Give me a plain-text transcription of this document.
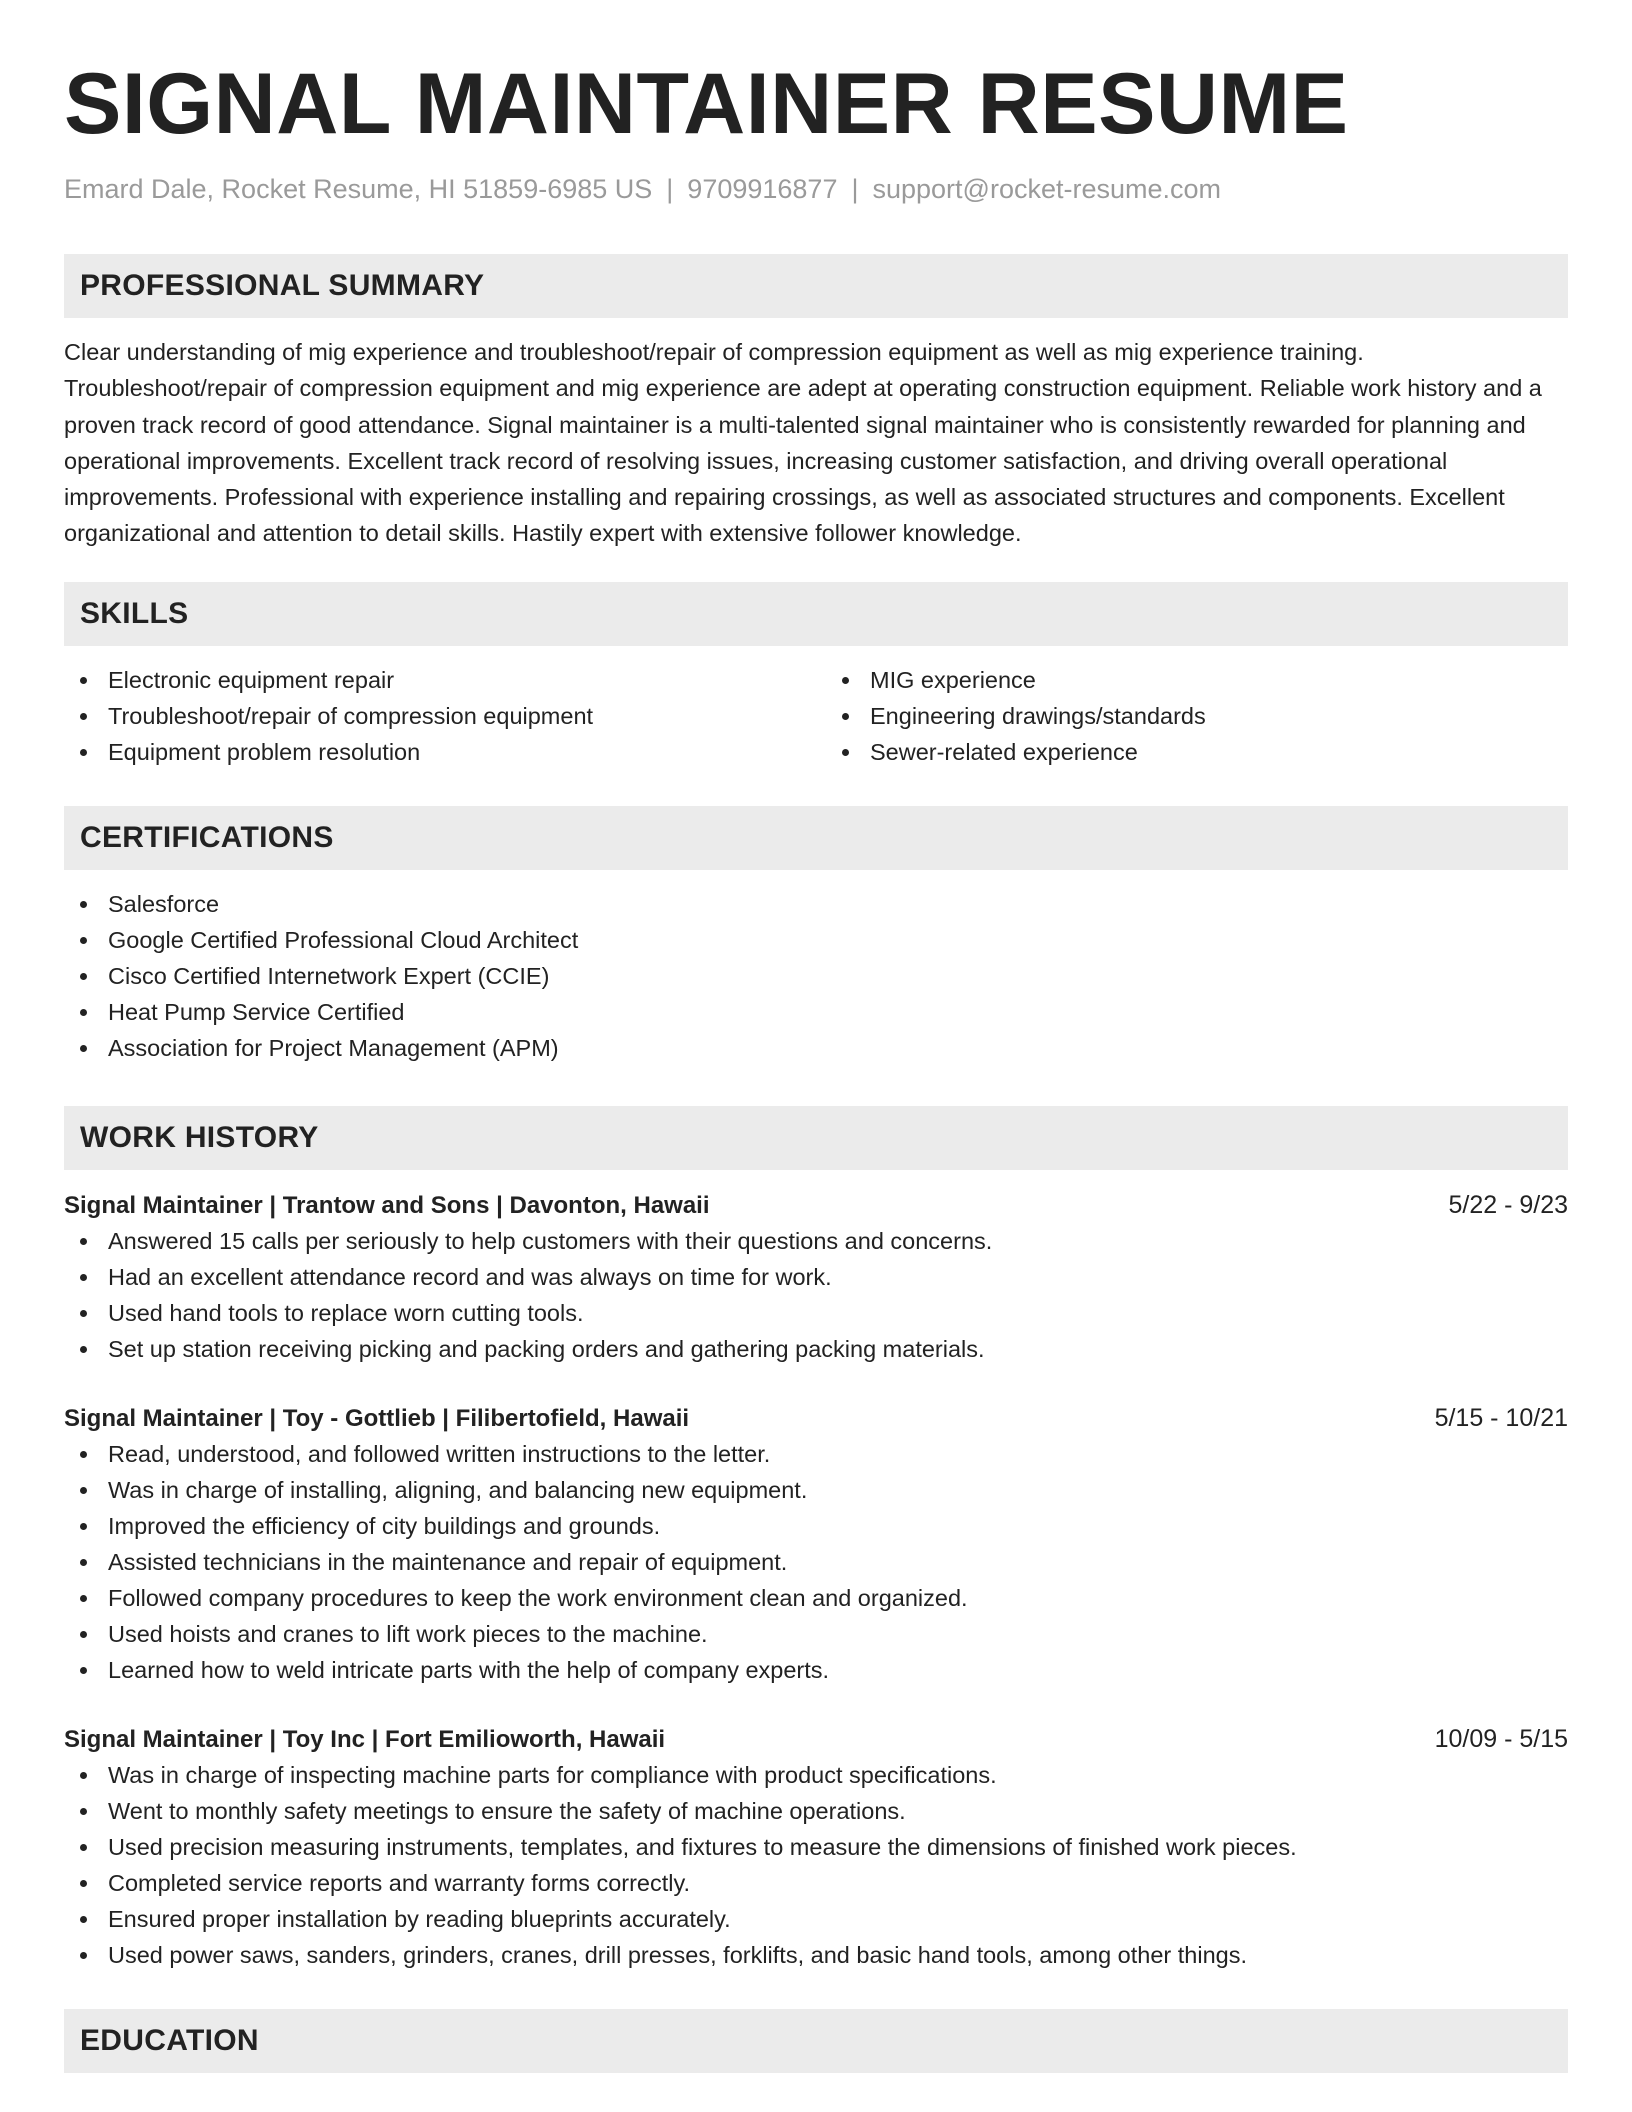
SIGNAL MAINTAINER RESUME
Emard Dale, Rocket Resume, HI 51859-6985 US | 9709916877 | support@rocket-resume.com
PROFESSIONAL SUMMARY

Clear understanding of mig experience and troubleshoot/repair of compression equipment as well as mig experience training. Troubleshoot/repair of compression equipment and mig experience are adept at operating construction equipment. Reliable work history and a proven track record of good attendance. Signal maintainer is a multi-talented signal maintainer who is consistently rewarded for planning and operational improvements. Excellent track record of resolving issues, increasing customer satisfaction, and driving overall operational improvements. Professional with experience installing and repairing crossings, as well as associated structures and components. Excellent organizational and attention to detail skills. Hastily expert with extensive follower knowledge.

SKILLS
Electronic equipment repair
Troubleshoot/repair of compression equipment
Equipment problem resolution
MIG experience
Engineering drawings/standards
Sewer-related experience
CERTIFICATIONS
Salesforce
Google Certified Professional Cloud Architect
Cisco Certified Internetwork Expert (CCIE)
Heat Pump Service Certified
Association for Project Management (APM)
WORK HISTORY
Signal Maintainer | Trantow and Sons | Davonton, Hawaii	5/22 - 9/23
Answered 15 calls per seriously to help customers with their questions and concerns.
Had an excellent attendance record and was always on time for work.
Used hand tools to replace worn cutting tools.
Set up station receiving picking and packing orders and gathering packing materials.
Signal Maintainer | Toy - Gottlieb | Filibertofield, Hawaii	5/15 - 10/21
Read, understood, and followed written instructions to the letter.
Was in charge of installing, aligning, and balancing new equipment.
Improved the efficiency of city buildings and grounds.
Assisted technicians in the maintenance and repair of equipment.
Followed company procedures to keep the work environment clean and organized.
Used hoists and cranes to lift work pieces to the machine.
Learned how to weld intricate parts with the help of company experts.
Signal Maintainer | Toy Inc | Fort Emilioworth, Hawaii	10/09 - 5/15
Was in charge of inspecting machine parts for compliance with product specifications.
Went to monthly safety meetings to ensure the safety of machine operations.
Used precision measuring instruments, templates, and fixtures to measure the dimensions of finished work pieces.
Completed service reports and warranty forms correctly.
Ensured proper installation by reading blueprints accurately.
Used power saws, sanders, grinders, cranes, drill presses, forklifts, and basic hand tools, among other things.
EDUCATION
